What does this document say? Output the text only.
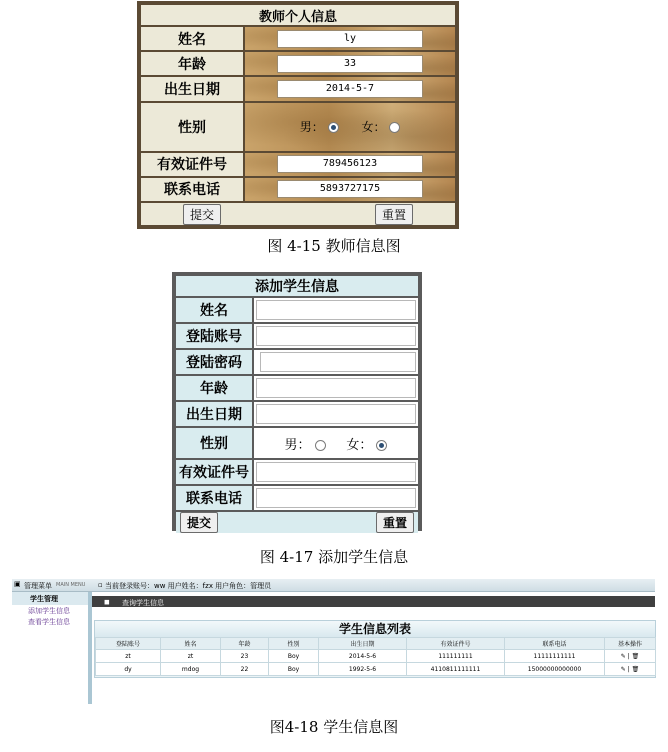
教师个人信息	
姓名	ly
年龄	33
出生日期	2014-5-7
性别	男： 女：
有效证件号	789456123
联系电话	5893727175

提交 重置	
图 4-15 教师信息图
添加学生信息	
姓名	

登陆账号	

登陆密码	

年龄	

出生日期	

性别	男： 女：
有效证件号	

联系电话	

提交 重置	
图 4-17 添加学生信息
▣ 管理菜单 MAIN MENU ▫ 当前登录账号：ww 用户姓名：fzx 用户角色：管理员
学生管理
添加学生信息
查看学生信息
◼ 查询学生信息
学生信息列表
登陆账号	姓名	年龄	性别	出生日期	有效证件号	联系电话	基本操作
zt	zt	23	Boy	2014-5-6	111111111	11111111111	✎ | 🗑
dy	mdog	22	Boy	1992-5-6	4110811111111	15000000000000	✎ | 🗑
图4-18 学生信息图
